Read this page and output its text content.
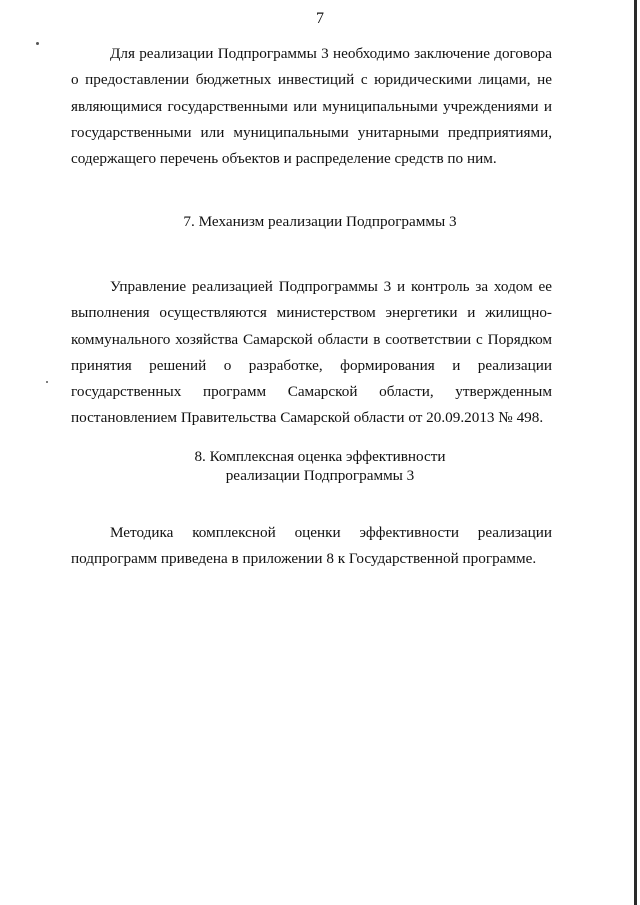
7

Для реализации Подпрограммы 3 необходимо заключение договора о предоставлении бюджетных инвестиций с юридическими лицами, не являющимися государственными или муниципальными учреждениями и государственными или муниципальными унитарными предприятиями, содержащего перечень объектов и распределение средств по ним.

7. Механизм реализации Подпрограммы 3

Управление реализацией Подпрограммы 3 и контроль за ходом ее выполнения осуществляются министерством энергетики и жилищно-коммунального хозяйства Самарской области в соответствии с Порядком принятия решений о разработке, формирования и реализации государственных программ Самарской области, утвержденным постановлением Правительства Самарской области от 20.09.2013 № 498.

8. Комплексная оценка эффективности
реализации Подпрограммы 3

Методика комплексной оценки эффективности реализации подпрограмм приведена в приложении 8 к Государственной программе.
